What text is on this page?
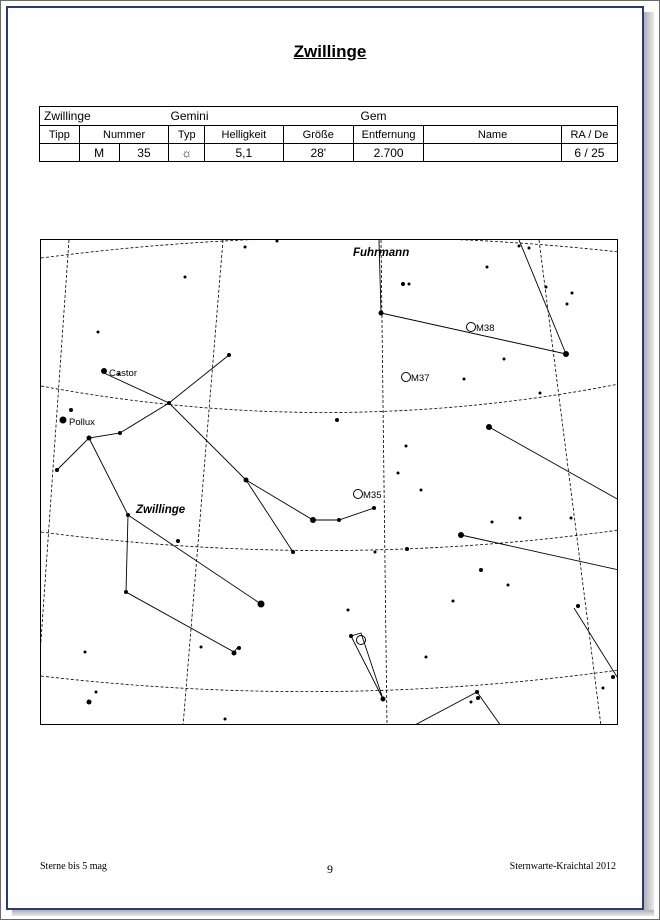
Zwillinge
Zwillinge Gemini			Gem					

Tipp	Nummer		Typ	Helligkeit	Größe	Entfernung	Name	RA / De
	M	35	☼	5,1	28'	2.700		6 / 25
Fuhrmann
Zwillinge
Castor
Pollux
M38
M37
M35
Sterne bis 5 mag	9	Sternwarte-Kraichtal 2012
